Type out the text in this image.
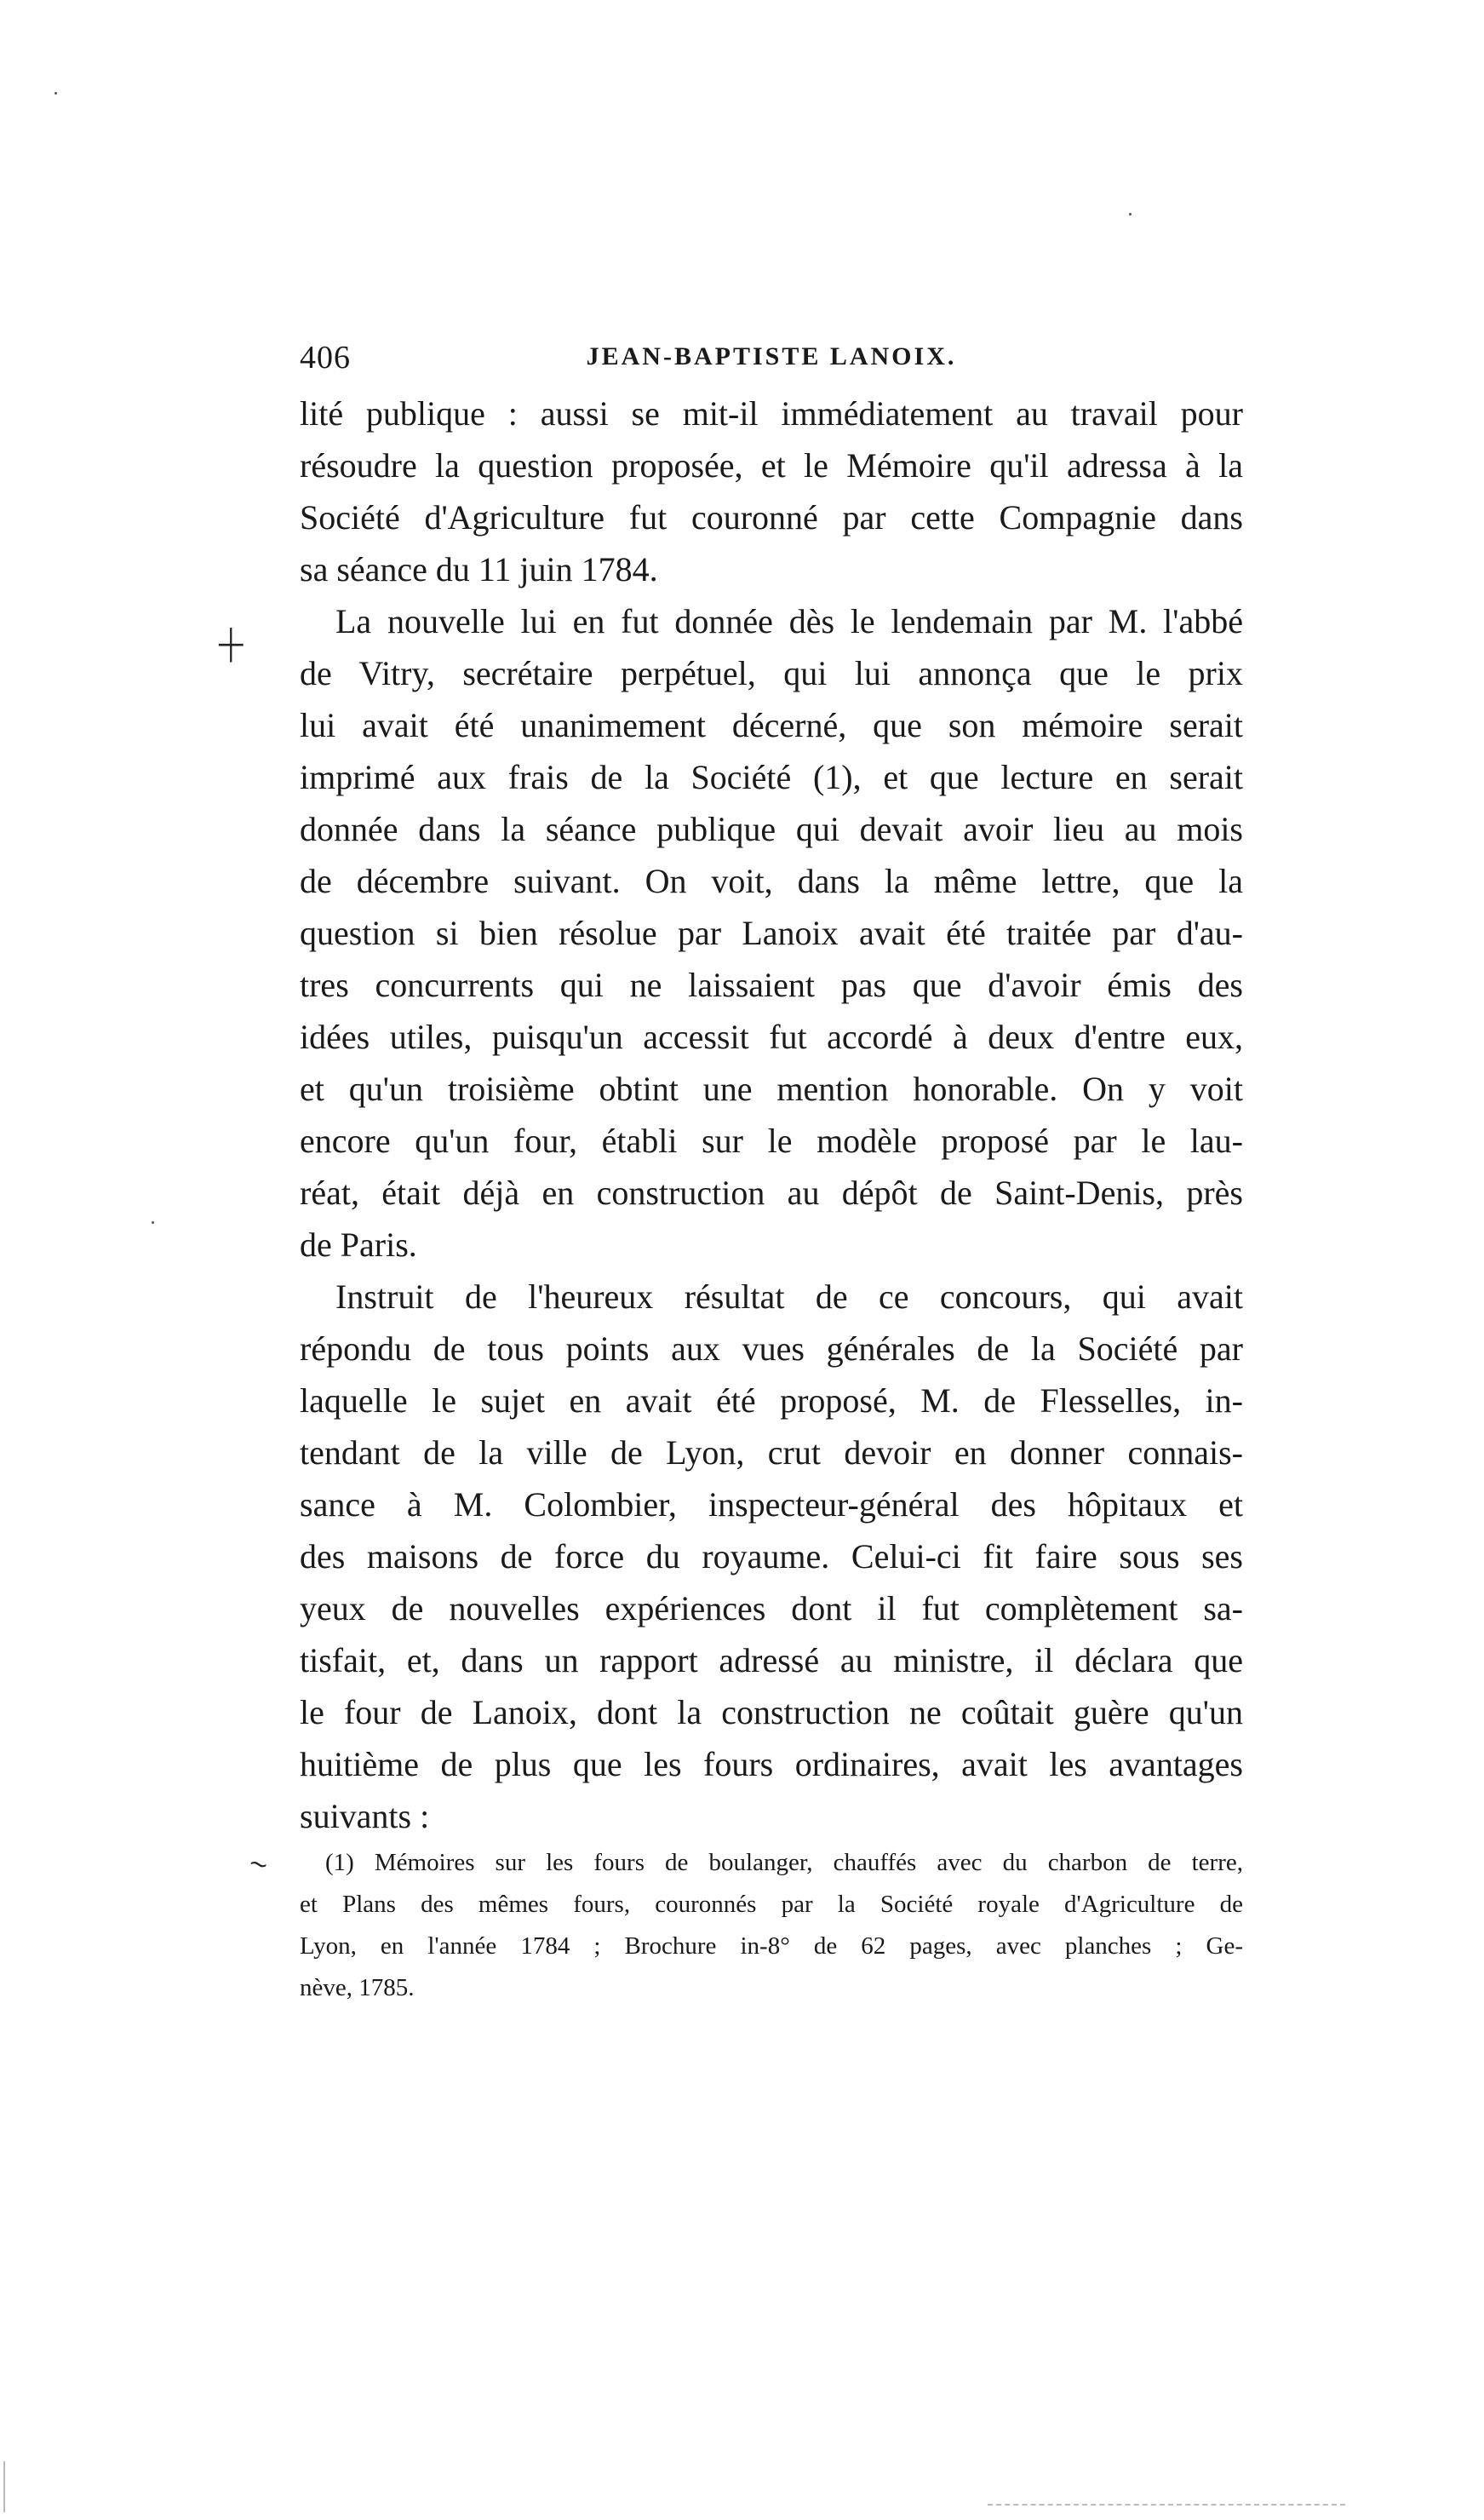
406	JEAN-BAPTISTE LANOIX.
+
lité publique : aussi se mit-il immédiatement au travail pour
résoudre la question proposée, et le Mémoire qu'il adressa à la
Société d'Agriculture fut couronné par cette Compagnie dans
sa séance du 11 juin 1784.
La nouvelle lui en fut donnée dès le lendemain par M. l'abbé
de Vitry, secrétaire perpétuel, qui lui annonça que le prix
lui avait été unanimement décerné, que son mémoire serait
imprimé aux frais de la Société (1), et que lecture en serait
donnée dans la séance publique qui devait avoir lieu au mois
de décembre suivant. On voit, dans la même lettre, que la
question si bien résolue par Lanoix avait été traitée par d'au-
tres concurrents qui ne laissaient pas que d'avoir émis des
idées utiles, puisqu'un accessit fut accordé à deux d'entre eux,
et qu'un troisième obtint une mention honorable. On y voit
encore qu'un four, établi sur le modèle proposé par le lau-
réat, était déjà en construction au dépôt de Saint-Denis, près
de Paris.
Instruit de l'heureux résultat de ce concours, qui avait
répondu de tous points aux vues générales de la Société par
laquelle le sujet en avait été proposé, M. de Flesselles, in-
tendant de la ville de Lyon, crut devoir en donner connais-
sance à M. Colombier, inspecteur-général des hôpitaux et
des maisons de force du royaume. Celui-ci fit faire sous ses
yeux de nouvelles expériences dont il fut complètement sa-
tisfait, et, dans un rapport adressé au ministre, il déclara que
le four de Lanoix, dont la construction ne coûtait guère qu'un
huitième de plus que les fours ordinaires, avait les avantages
suivants :
~	(1) Mémoires sur les fours de boulanger, chauffés avec du charbon de terre,
et Plans des mêmes fours, couronnés par la Société royale d'Agriculture de
Lyon, en l'année 1784 ; Brochure in-8° de 62 pages, avec planches ; Ge-
nève, 1785.
